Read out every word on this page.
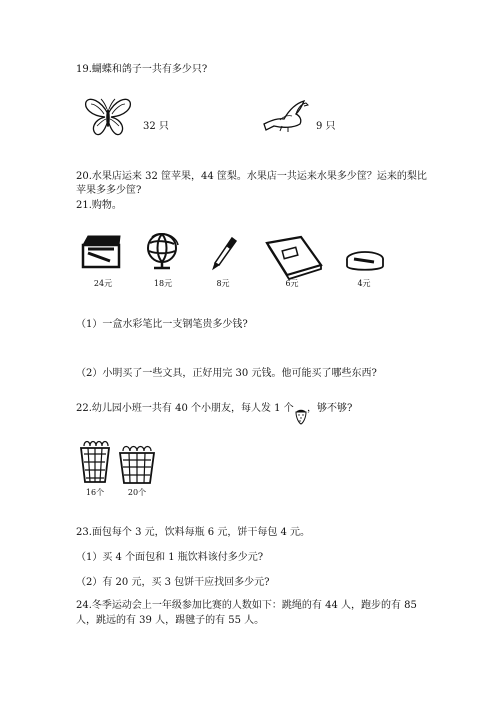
19.蝴蝶和鸽子一共有多少只?
32 只	9 只
20.水果店运来 32 筐苹果，44 筐梨。水果店一共运来水果多少筐？运来的梨比
苹果多多少筐?
21.购物。
24元	18元	8元	6元	4元
（1）一盒水彩笔比一支钢笔贵多少钱?
（2）小明买了一些文具，正好用完 30 元钱。他可能买了哪些东西?
22.幼儿园小班一共有 40 个小朋友，每人发 1 个 ，够不够?
16个	20个
23.面包每个 3 元，饮料每瓶 6 元，饼干每包 4 元。
（1）买 4 个面包和 1 瓶饮料该付多少元?
（2）有 20 元，买 3 包饼干应找回多少元?
24.冬季运动会上一年级参加比赛的人数如下：跳绳的有 44 人，跑步的有 85
人，跳远的有 39 人，踢毽子的有 55 人。
